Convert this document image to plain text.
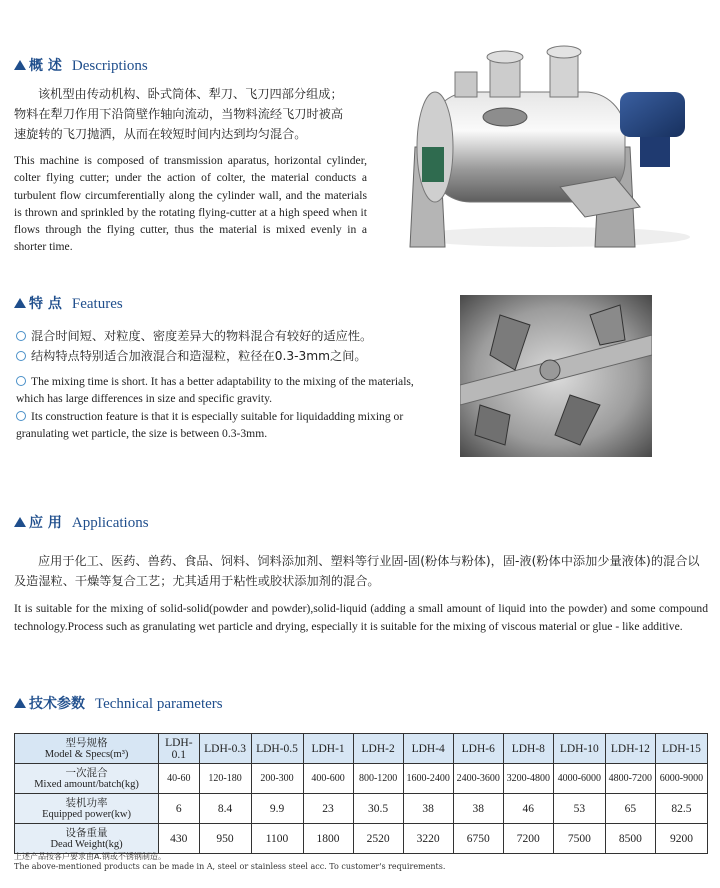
概 述 Descriptions
该机型由传动机构、卧式筒体、犁刀、飞刀四部分组成；
物料在犁刀作用下沿筒壁作轴向流动，当物料流经飞刀时被高
速旋转的飞刀抛洒，从而在较短时间内达到均匀混合。
This machine is composed of transmission aparatus, horizontal cylinder, colter flying cutter; under the action of colter, the material conducts a turbulent flow circumferentially along the cylinder wall, and the materials is thrown and sprinkled by the rotating flying-cutter at a high speed when it flows through the flying cutter, thus the material is mixed evenly in a shorter time.
特 点 Features
混合时间短、对粒度、密度差异大的物料混合有较好的适应性。
结构特点特别适合加液混合和造湿粒，粒径在0.3-3mm之间。
The mixing time is short. It has a better adaptability to the mixing of the materials, which has large differences in size and specific gravity.
Its construction feature is that it is especially suitable for liquidadding mixing or granulating wet particle, the size is between 0.3-3mm.
应 用 Applications
应用于化工、医药、兽药、食品、饲料、饲料添加剂、塑料等行业固-固(粉体与粉体)，固-液(粉体中添加少量液体)的混合以及造湿粒、干燥等复合工艺；尤其适用于粘性或胶状添加剂的混合。
It is suitable for the mixing of solid-solid(powder and powder),solid-liquid (adding a small amount of liquid into the powder) and some compound technology.Process such as granulating wet particle and drying, especially it is suitable for the mixing of viscous material or glue - like additive.
技术参数 Technical parameters
型号规格
Model & Specs(m³)	LDH-0.1	LDH-0.3	LDH-0.5	LDH-1	LDH-2	LDH-4	LDH-6	LDH-8	LDH-10	LDH-12	LDH-15

一次混合
Mixed amount/batch(kg)	40-60	120-180	200-300	400-600	800-1200	1600-2400	2400-3600	3200-4800	4000-6000	4800-7200	6000-9000

装机功率
Equipped power(kw)	6	8.4	9.9	23	30.5	38	38	46	53	65	82.5

设备重量
Dead Weight(kg)	430	950	1100	1800	2520	3220	6750	7200	7500	8500	9200
上述产品按客户要求由A.钢或不锈钢制造。
The above-mentioned products can be made in A, steel or stainless steel acc. To customer's requirements.
